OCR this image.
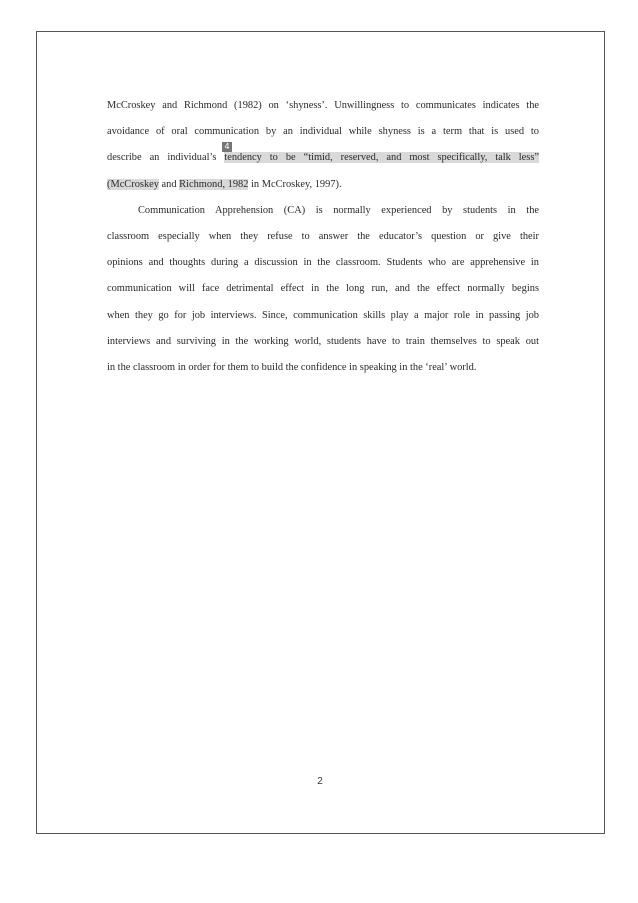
4
McCroskey and Richmond (1982) on ‘shyness’. Unwillingness to communicates indicates the
avoidance of oral communication by an individual while shyness is a term that is used to
describe an individual’s tendency to be “timid, reserved, and most specifically, talk less”
(McCroskey and Richmond, 1982 in McCroskey, 1997).
Communication Apprehension (CA) is normally experienced by students in the
classroom especially when they refuse to answer the educator’s question or give their
opinions and thoughts during a discussion in the classroom. Students who are apprehensive in
communication will face detrimental effect in the long run, and the effect normally begins
when they go for job interviews. Since, communication skills play a major role in passing job
interviews and surviving in the working world, students have to train themselves to speak out
in the classroom in order for them to build the confidence in speaking in the ‘real’ world.
2
